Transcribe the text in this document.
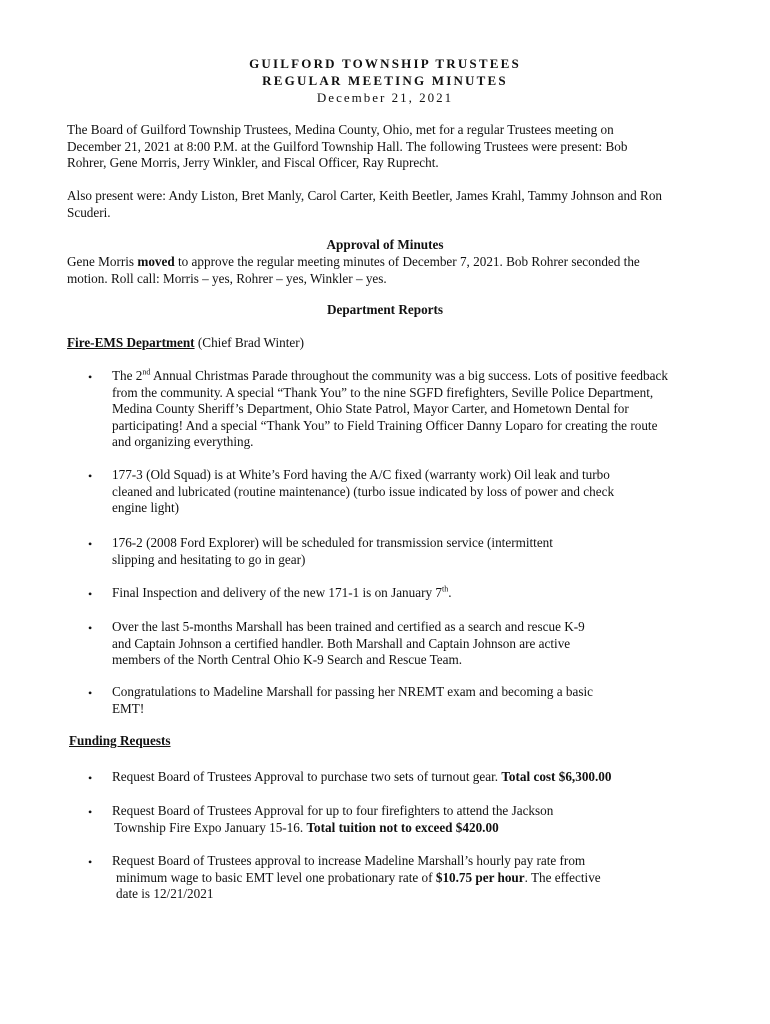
GUILFORD TOWNSHIP TRUSTEES
REGULAR MEETING MINUTES
December 21, 2021
The Board of Guilford Township Trustees, Medina County, Ohio, met for a regular Trustees meeting on
December 21, 2021 at 8:00 P.M. at the Guilford Township Hall. The following Trustees were present: Bob
Rohrer, Gene Morris, Jerry Winkler, and Fiscal Officer, Ray Ruprecht.
Also present were: Andy Liston, Bret Manly, Carol Carter, Keith Beetler, James Krahl, Tammy Johnson and Ron
Scuderi.
Approval of Minutes
Gene Morris moved to approve the regular meeting minutes of December 7, 2021. Bob Rohrer seconded the
motion. Roll call: Morris – yes, Rohrer – yes, Winkler – yes.
Department Reports
Fire-EMS Department (Chief Brad Winter)
• The 2nd Annual Christmas Parade throughout the community was a big success. Lots of positive feedback
from the community. A special “Thank You” to the nine SGFD firefighters, Seville Police Department,
Medina County Sheriff’s Department, Ohio State Patrol, Mayor Carter, and Hometown Dental for
participating! And a special “Thank You” to Field Training Officer Danny Loparo for creating the route
and organizing everything.
• 177-3 (Old Squad) is at White’s Ford having the A/C fixed (warranty work) Oil leak and turbo
cleaned and lubricated (routine maintenance) (turbo issue indicated by loss of power and check
engine light)
• 176-2 (2008 Ford Explorer) will be scheduled for transmission service (intermittent
slipping and hesitating to go in gear)
• Final Inspection and delivery of the new 171-1 is on January 7th.
• Over the last 5-months Marshall has been trained and certified as a search and rescue K-9
and Captain Johnson a certified handler. Both Marshall and Captain Johnson are active
members of the North Central Ohio K-9 Search and Rescue Team.
• Congratulations to Madeline Marshall for passing her NREMT exam and becoming a basic
EMT!
Funding Requests
• Request Board of Trustees Approval to purchase two sets of turnout gear. Total cost $6,300.00
• Request Board of Trustees Approval for up to four firefighters to attend the Jackson
Township Fire Expo January 15-16. Total tuition not to exceed $420.00
• Request Board of Trustees approval to increase Madeline Marshall’s hourly pay rate from
minimum wage to basic EMT level one probationary rate of $10.75 per hour. The effective
date is 12/21/2021
